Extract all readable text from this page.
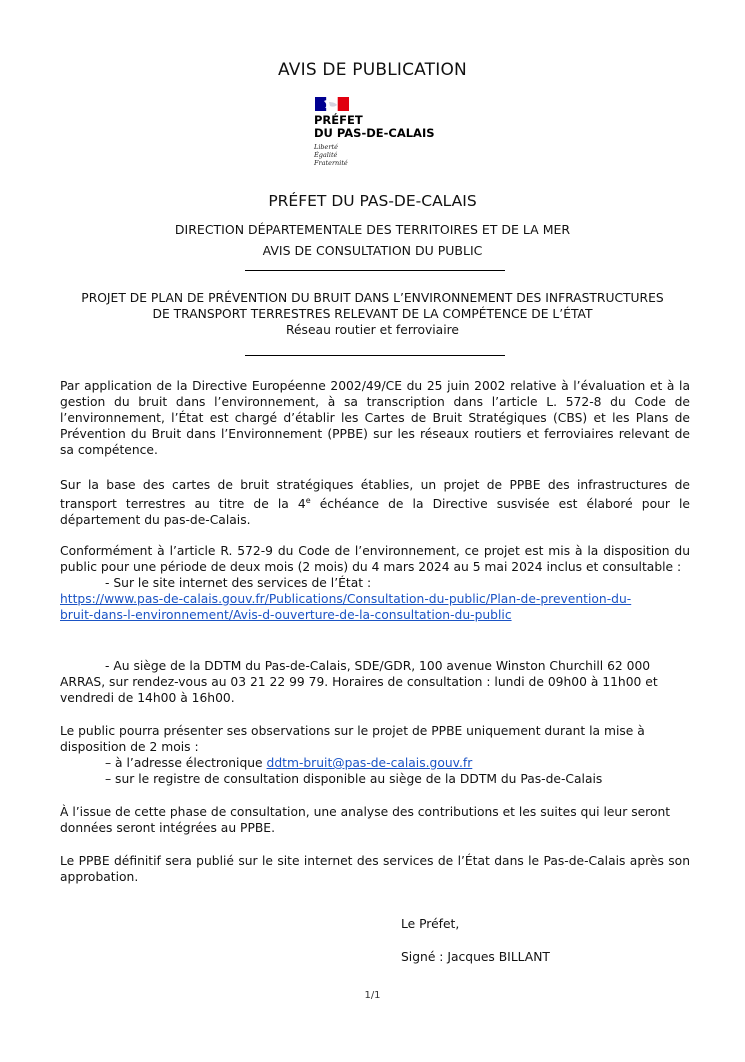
AVIS DE PUBLICATION
PRÉFET
DU PAS-DE-CALAIS
Liberté
Égalité
Fraternité
PRÉFET DU PAS-DE-CALAIS
DIRECTION DÉPARTEMENTALE DES TERRITOIRES ET DE LA MER
AVIS DE CONSULTATION DU PUBLIC
PROJET DE PLAN DE PRÉVENTION DU BRUIT DANS L’ENVIRONNEMENT DES INFRASTRUCTURES
DE TRANSPORT TERRESTRES RELEVANT DE LA COMPÉTENCE DE L’ÉTAT
Réseau routier et ferroviaire

Par application de la Directive Européenne 2002/49/CE du 25 juin 2002 relative à l’évaluation et à la gestion du bruit dans l’environnement, à sa transcription dans l’article L. 572-8 du Code de l’environnement, l’État est chargé d’établir les Cartes de Bruit Stratégiques (CBS) et les Plans de Prévention du Bruit dans l’Environnement (PPBE) sur les réseaux routiers et ferroviaires relevant de sa compétence.

Sur la base des cartes de bruit stratégiques établies, un projet de PPBE des infrastructures de transport terrestres au titre de la 4e échéance de la Directive susvisée est élaboré pour le département du pas-de-Calais.

Conformément à l’article R. 572-9 du Code de l’environnement, ce projet est mis à la disposition du public pour une période de deux mois (2 mois) du 4 mars 2024 au 5 mai 2024 inclus et consultable :

- Sur le site internet des services de l’État :

https://www.pas-de-calais.gouv.fr/Publications/Consultation-du-public/Plan-de-prevention-du-
bruit-dans-l-environnement/Avis-d-ouverture-de-la-consultation-du-public

- Au siège de la DDTM du Pas-de-Calais, SDE/GDR, 100 avenue Winston Churchill 62 000

ARRAS, sur rendez-vous au 03 21 22 99 79. Horaires de consultation : lundi de 09h00 à 11h00 et

vendredi de 14h00 à 16h00.

Le public pourra présenter ses observations sur le projet de PPBE uniquement durant la mise à disposition de 2 mois :

– à l’adresse électronique ddtm-bruit@pas-de-calais.gouv.fr

– sur le registre de consultation disponible au siège de la DDTM du Pas-de-Calais

À l’issue de cette phase de consultation, une analyse des contributions et les suites qui leur seront données seront intégrées au PPBE.

Le PPBE définitif sera publié sur le site internet des services de l’État dans le Pas-de-Calais après son approbation.

Le Préfet,
Signé : Jacques BILLANT
1/1
